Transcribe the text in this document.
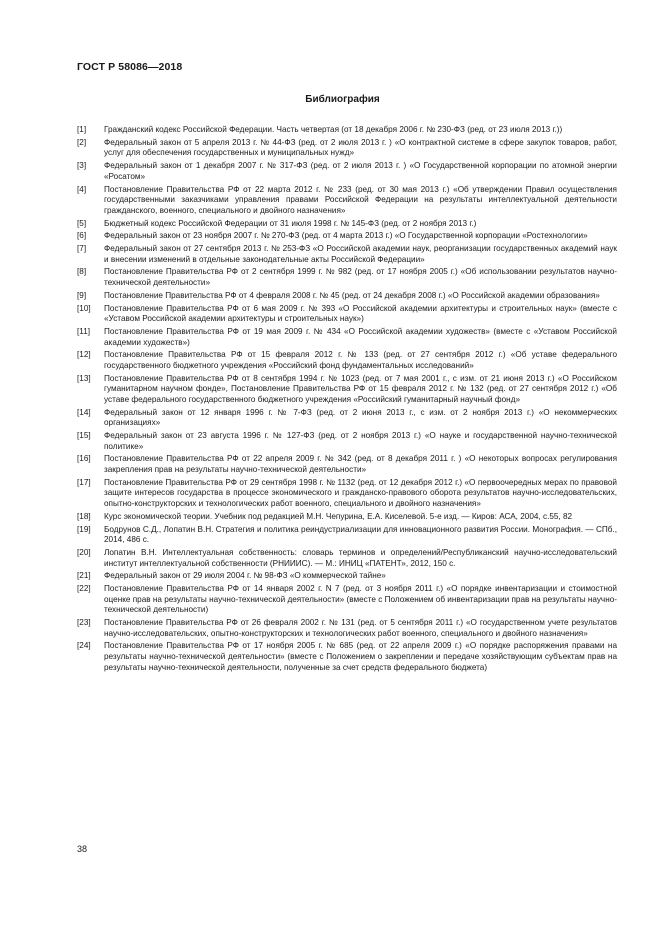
ГОСТ Р 58086—2018
Библиография
[1]	Гражданский кодекс Российской Федерации. Часть четвертая (от 18 декабря 2006 г. № 230-ФЗ (ред. от 23 июля 2013 г.))
[2]	Федеральный закон от 5 апреля 2013 г. № 44-ФЗ (ред. от 2 июля 2013 г. ) «О контрактной системе в сфере закупок товаров, работ, услуг для обеспечения государственных и муниципальных нужд»
[3]	Федеральный закон от 1 декабря 2007 г. № 317-ФЗ (ред. от 2 июля 2013 г. ) «О Государственной корпорации по атомной энергии «Росатом»
[4]	Постановление Правительства РФ от 22 марта 2012 г. № 233 (ред. от 30 мая 2013 г.) «Об утверждении Правил осуществления государственными заказчиками управления правами Российской Федерации на результаты интеллектуальной деятельности гражданского, военного, специального и двойного назначения»
[5]	Бюджетный кодекс Российской Федерации от 31 июля 1998 г. № 145-ФЗ (ред. от 2 ноября 2013 г.)
[6]	Федеральный закон от 23 ноября 2007 г. № 270-ФЗ (ред. от 4 марта 2013 г.) «О Государственной корпорации «Ростехнологии»
[7]	Федеральный закон от 27 сентября 2013 г. № 253-ФЗ «О Российской академии наук, реорганизации государственных академий наук и внесении изменений в отдельные законодательные акты Российской Федерации»
[8]	Постановление Правительства РФ от 2 сентября 1999 г. № 982 (ред. от 17 ноября 2005 г.) «Об использовании результатов научно-технической деятельности»
[9]	Постановление Правительства РФ от 4 февраля 2008 г. № 45 (ред. от 24 декабря 2008 г.) «О Российской академии образования»
[10]	Постановление Правительства РФ от 6 мая 2009 г. № 393 «О Российской академии архитектуры и строительных наук» (вместе с «Уставом Российской академии архитектуры и строительных наук»)
[11]	Постановление Правительства РФ от 19 мая 2009 г. № 434 «О Российской академии художеств» (вместе с «Уставом Российской академии художеств»)
[12]	Постановление Правительства РФ от 15 февраля 2012 г. № 133 (ред. от 27 сентября 2012 г.) «Об уставе федерального государственного бюджетного учреждения «Российский фонд фундаментальных исследований»
[13]	Постановление Правительства РФ от 8 сентября 1994 г. № 1023 (ред. от 7 мая 2001 г., с изм. от 21 июня 2013 г.) «О Российском гуманитарном научном фонде», Постановление Правительства РФ от 15 февраля 2012 г. № 132 (ред. от 27 сентября 2012 г.) «Об уставе федерального государственного бюджетного учреждения «Российский гуманитарный научный фонд»
[14]	Федеральный закон от 12 января 1996 г. № 7-ФЗ (ред. от 2 июня 2013 г., с изм. от 2 ноября 2013 г.) «О некоммерческих организациях»
[15]	Федеральный закон от 23 августа 1996 г. № 127-ФЗ (ред. от 2 ноября 2013 г.) «О науке и государственной научно-технической политике»
[16]	Постановление Правительства РФ от 22 апреля 2009 г. № 342 (ред. от 8 декабря 2011 г. ) «О некоторых вопросах регулирования закрепления прав на результаты научно-технической деятельности»
[17]	Постановление Правительства РФ от 29 сентября 1998 г. № 1132 (ред. от 12 декабря 2012 г.) «О первоочередных мерах по правовой защите интересов государства в процессе экономического и гражданско-правового оборота результатов научно-исследовательских, опытно-конструкторских и технологических работ военного, специального и двойного назначения»
[18]	Курс экономической теории. Учебник под редакцией М.Н. Чепурина, Е.А. Киселевой. 5-е изд. — Киров: АСА, 2004, с.55, 82
[19]	Бодрунов С.Д., Лопатин В.Н. Стратегия и политика реиндустриализации для инновационного развития России. Монография. — СПб., 2014, 486 с.
[20]	Лопатин В.Н. Интеллектуальная собственность: словарь терминов и определений/Республиканский научно-исследовательский институт интеллектуальной собственности (РНИИИС). — М.: ИНИЦ «ПАТЕНТ», 2012, 150 с.
[21]	Федеральный закон от 29 июля 2004 г. № 98-ФЗ «О коммерческой тайне»
[22]	Постановление Правительства РФ от 14 января 2002 г. N 7 (ред. от 3 ноября 2011 г.) «О порядке инвентаризации и стоимостной оценке прав на результаты научно-технической деятельности» (вместе с Положением об инвентаризации прав на результаты научно-технической деятельности)
[23]	Постановление Правительства РФ от 26 февраля 2002 г. № 131 (ред. от 5 сентября 2011 г.) «О государственном учете результатов научно-исследовательских, опытно-конструкторских и технологических работ военного, специального и двойного назначения»
[24]	Постановление Правительства РФ от 17 ноября 2005 г. № 685 (ред. от 22 апреля 2009 г.) «О порядке распоряжения правами на результаты научно-технической деятельности» (вместе с Положением о закреплении и передаче хозяйствующим субъектам прав на результаты научно-технической деятельности, полученные за счет средств федерального бюджета)
38
